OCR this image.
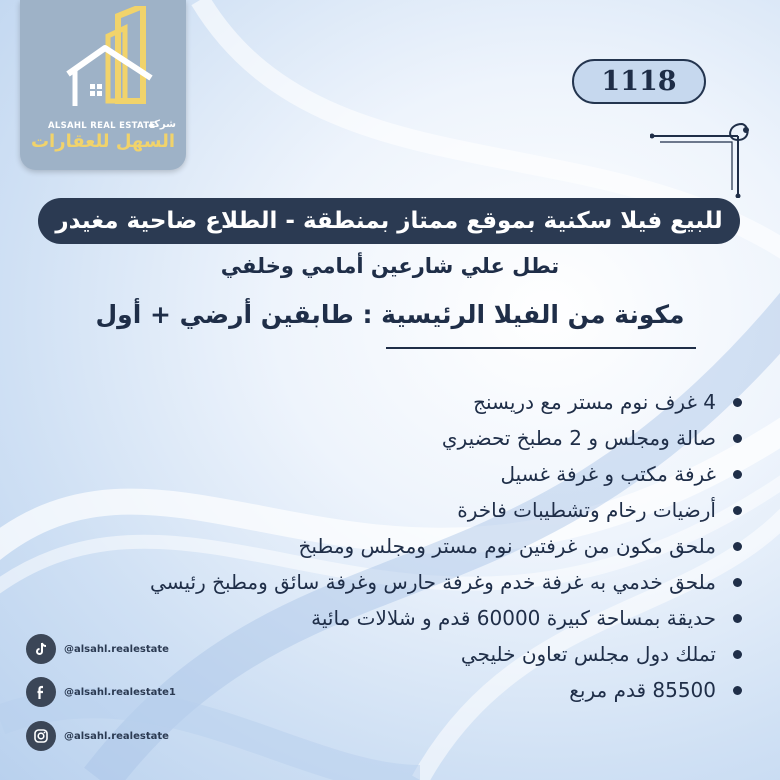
ALSAHL REAL ESTATE
شركة
السهل للعقارات
1118
للبيع فيلا سكنية بموقع ممتاز بمنطقة - الطلاع ضاحية مغيدر
تطل علي شارعين أمامي وخلفي
مكونة من الفيلا الرئيسية : طابقين أرضي + أول
4 غرف نوم مستر مع دريسنج
صالة ومجلس و 2 مطبخ تحضيري
غرفة مكتب و غرفة غسيل
أرضيات رخام وتشطيبات فاخرة
ملحق مكون من غرفتين نوم مستر ومجلس ومطبخ
ملحق خدمي به غرفة خدم وغرفة حارس وغرفة سائق ومطبخ رئيسي
حديقة بمساحة كبيرة 60000 قدم و شلالات مائية
تملك دول مجلس تعاون خليجي
85500 قدم مربع
@alsahl.realestate
@alsahl.realestate1
@alsahl.realestate
